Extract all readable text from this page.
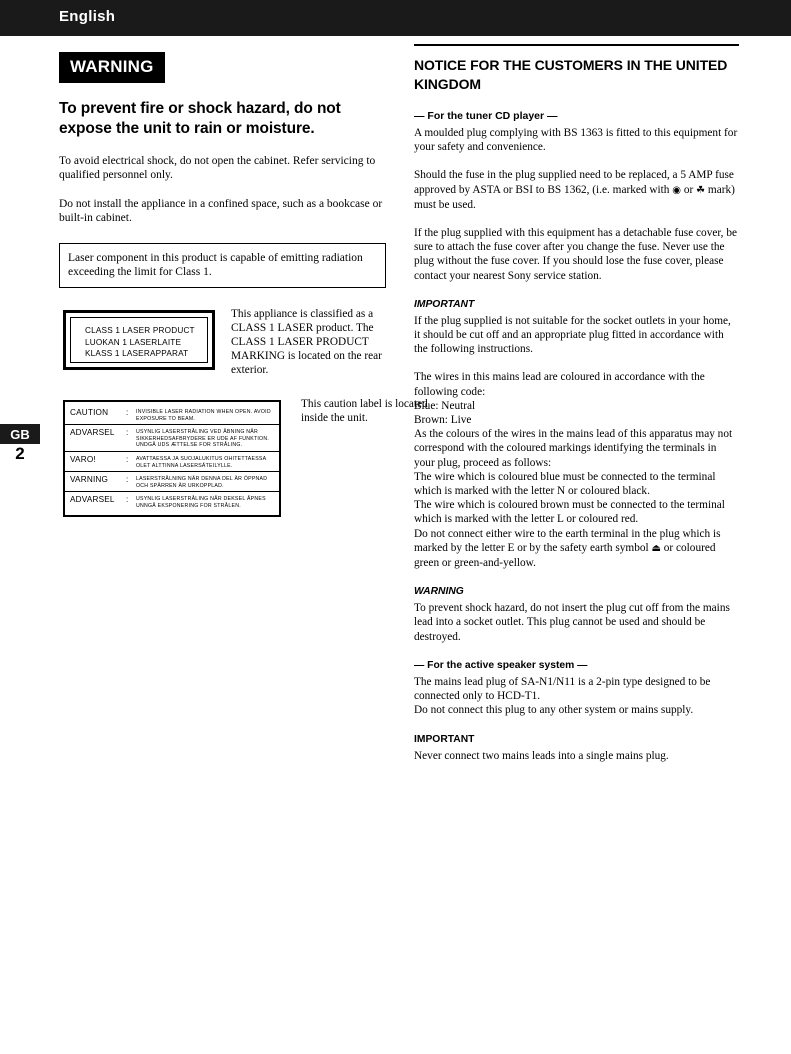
English
GB
2
WARNING
To prevent fire or shock hazard, do not expose the unit to rain or moisture.
To avoid electrical shock, do not open the cabinet. Refer servicing to qualified personnel only.
Do not install the appliance in a confined space, such as a bookcase or built-in cabinet.
Laser component in this product is capable of emitting radiation exceeding the limit for Class 1.
CLASS 1 LASER PRODUCT
LUOKAN 1 LASERLAITE
KLASS 1 LASERAPPARAT
This appliance is classified as a CLASS 1 LASER product. The CLASS 1 LASER PRODUCT MARKING is located on the rear exterior.
CAUTION	:	INVISIBLE LASER RADIATION WHEN OPEN. AVOID EXPOSURE TO BEAM.
ADVARSEL	:	USYNLIG LASERSTRÅLING VED ÅBNING NÅR SIKKERHEDSAFBRYDERE ER UDE AF FUNKTION. UNDGÅ UDS ÆTTELSE FOR STRÅLING.
VARO!	:	AVATTAESSA JA SUOJALUKITUS OHITETTAESSA OLET ALTTINNA LASERSÄTEILYLLE.
VARNING	:	LASERSTRÅLNING NÄR DENNA DEL ÄR ÖPPNAD OCH SPÄRREN ÄR URKOPPLAD.
ADVARSEL	:	USYNLIG LASERSTRÅLING NÅR DEKSEL ÅPNES UNNGÅ EKSPONERING FOR STRÅLEN.
This caution label is located inside the unit.
NOTICE FOR THE CUSTOMERS IN THE UNITED KINGDOM
— For the tuner CD player —
A moulded plug complying with BS 1363 is fitted to this equipment for your safety and convenience.
Should the fuse in the plug supplied need to be replaced, a 5 AMP fuse approved by ASTA or BSI to BS 1362, (i.e. marked with ◉ or ☘ mark) must be used.
If the plug supplied with this equipment has a detachable fuse cover, be sure to attach the fuse cover after you change the fuse. Never use the plug without the fuse cover. If you should lose the fuse cover, please contact your nearest Sony service station.
IMPORTANT
If the plug supplied is not suitable for the socket outlets in your home, it should be cut off and an appropriate plug fitted in accordance with the following instructions.
The wires in this mains lead are coloured in accordance with the following code:
Blue: Neutral
Brown: Live
As the colours of the wires in the mains lead of this apparatus may not correspond with the coloured markings identifying the terminals in your plug, proceed as follows:
The wire which is coloured blue must be connected to the terminal which is marked with the letter N or coloured black.
The wire which is coloured brown must be connected to the terminal which is marked with the letter L or coloured red.
Do not connect either wire to the earth terminal in the plug which is marked by the letter E or by the safety earth symbol ⏏ or coloured green or green-and-yellow.
WARNING
To prevent shock hazard, do not insert the plug cut off from the mains lead into a socket outlet. This plug cannot be used and should be destroyed.
— For the active speaker system —
The mains lead plug of SA-N1/N11 is a 2-pin type designed to be connected only to HCD-T1.
Do not connect this plug to any other system or mains supply.
IMPORTANT
Never connect two mains leads into a single mains plug.
